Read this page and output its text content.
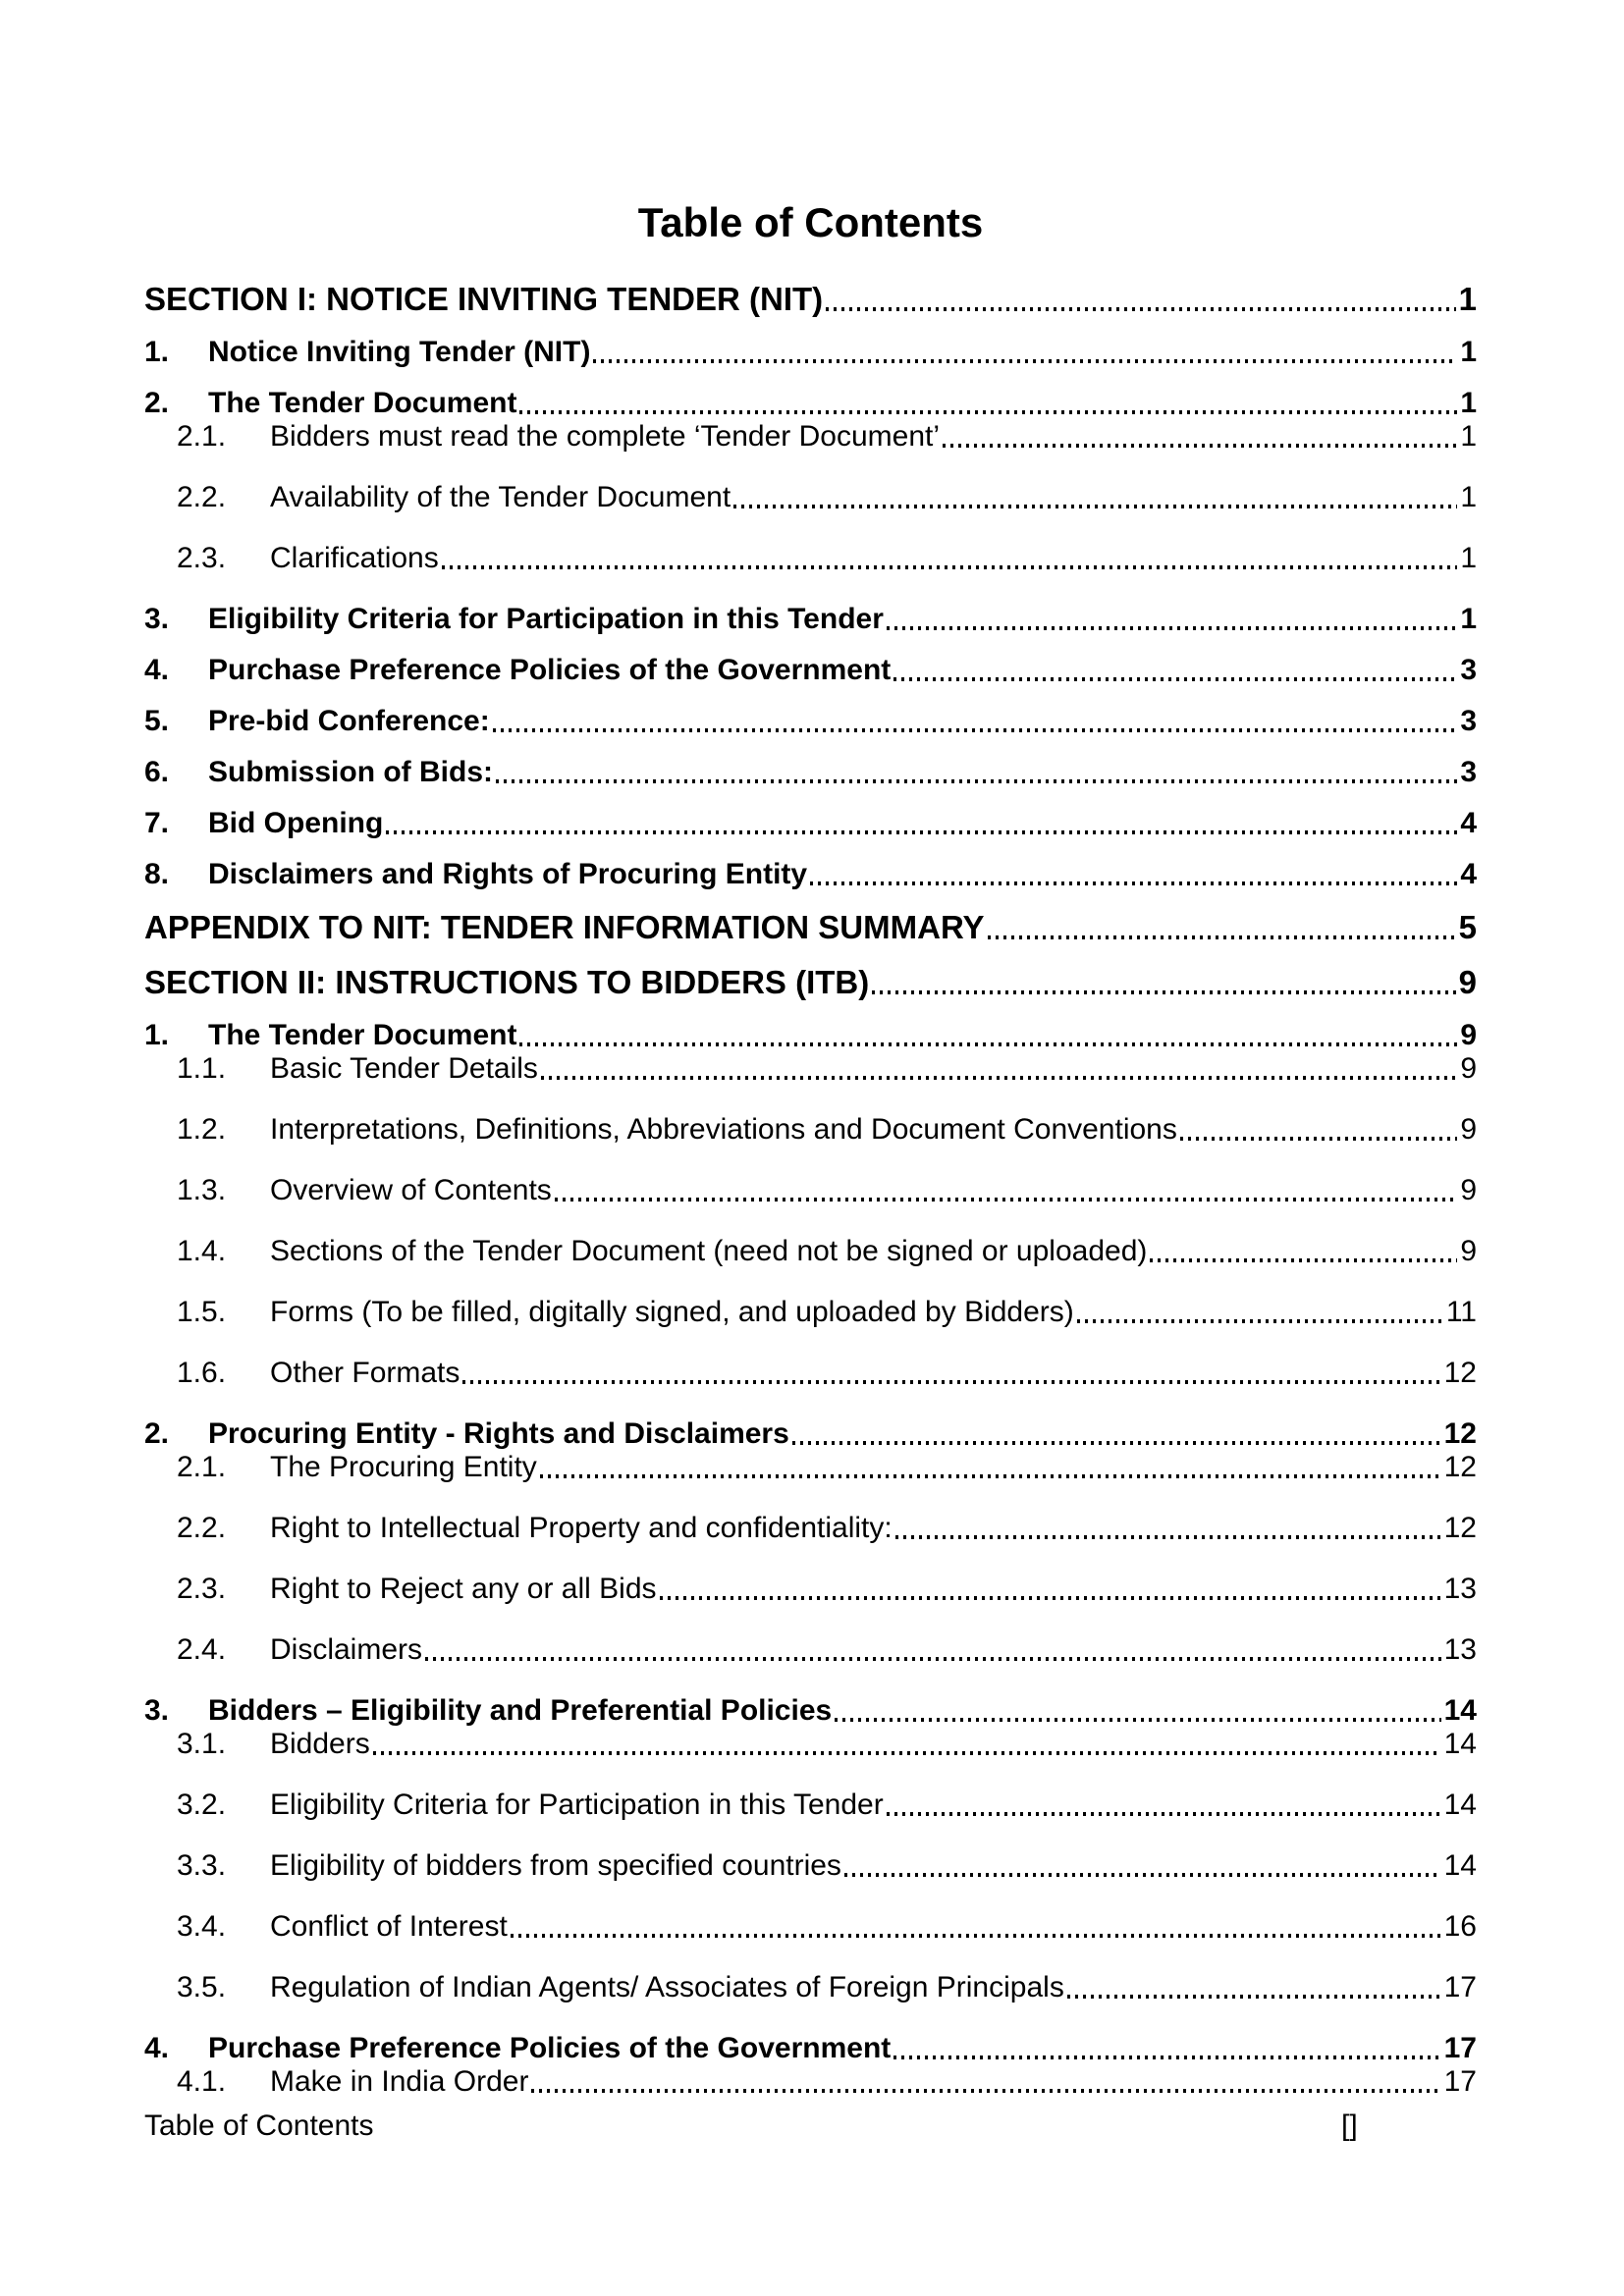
Table of Contents
SECTION I: NOTICE INVITING TENDER (NIT)	1
1.	Notice Inviting Tender (NIT)	1
2.	The Tender Document	1
2.1.	Bidders must read the complete ‘Tender Document’	1
2.2.	Availability of the Tender Document	1
2.3.	Clarifications	1
3.	Eligibility Criteria for Participation in this Tender	1
4.	Purchase Preference Policies of the Government	3
5.	Pre-bid Conference:	3
6.	Submission of Bids:	3
7.	Bid Opening	4
8.	Disclaimers and Rights of Procuring Entity	4
APPENDIX TO NIT: TENDER INFORMATION SUMMARY	5
SECTION II: INSTRUCTIONS TO BIDDERS (ITB)	9
1.	The Tender Document	9
1.1.	Basic Tender Details	9
1.2.	Interpretations, Definitions, Abbreviations and Document Conventions	9
1.3.	Overview of Contents	9
1.4.	Sections of the Tender Document (need not be signed or uploaded)	9
1.5.	Forms (To be filled, digitally signed, and uploaded by Bidders)	11
1.6.	Other Formats	12
2.	Procuring Entity - Rights and Disclaimers	12
2.1.	The Procuring Entity	12
2.2.	Right to Intellectual Property and confidentiality:	12
2.3.	Right to Reject any or all Bids	13
2.4.	Disclaimers	13
3.	Bidders – Eligibility and Preferential Policies	14
3.1.	Bidders	14
3.2.	Eligibility Criteria for Participation in this Tender	14
3.3.	Eligibility of bidders from specified countries	14
3.4.	Conflict of Interest	16
3.5.	Regulation of Indian Agents/ Associates of Foreign Principals	17
4.	Purchase Preference Policies of the Government	17
4.1.	Make in India Order	17
Table of Contents	[]
